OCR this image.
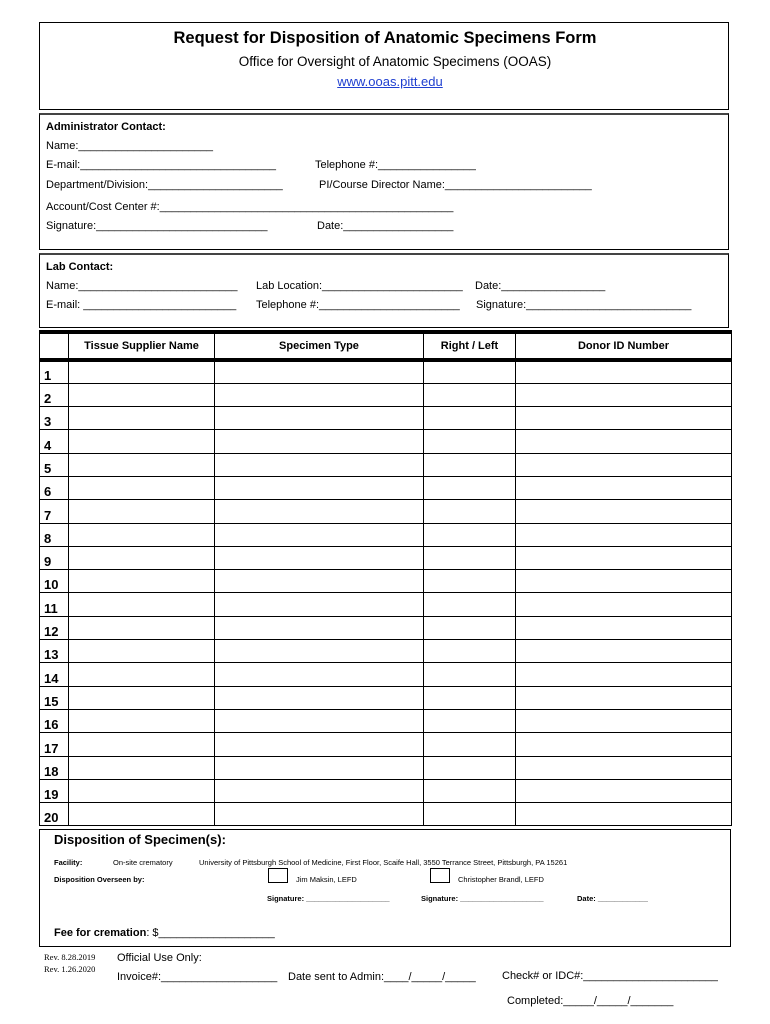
Request for Disposition of Anatomic Specimens Form
Office for Oversight of Anatomic Specimens (OOAS)
www.ooas.pitt.edu
Administrator Contact:
Name:______________________
E-mail:________________________________	Telephone #:________________
Department/Division:______________________	PI/Course Director Name:________________________
Account/Cost Center #:________________________________________________
Signature:____________________________	Date:__________________
Lab Contact:
Name:__________________________ Lab Location:_______________________ Date:_________________
E-mail: _________________________ Telephone #:_______________________ Signature:___________________________
	Tissue Supplier Name	Specimen Type	Right / Left	Donor ID Number
1				
2				
3				
4				
5				
6				
7				
8				
9				
10				
11				
12				
13				
14				
15				
16				
17				
18				
19				
20				
Disposition of Specimen(s):
Facility:	On-site crematory	University of Pittsburgh School of Medicine, First Floor, Scaife Hall, 3550 Terrance Street, Pittsburgh, PA 15261
Disposition Overseen by:	Jim Maksin, LEFD	Christopher Brandl, LEFD
Signature: ____________________	Signature: ____________________	Date: ____________
Fee for cremation: $___________________
Rev. 8.28.2019
Rev. 1.26.2020
Official Use Only:
Invoice#:___________________ Date sent to Admin:____/_____/_____ Check# or IDC#:______________________
Completed:_____/_____/_______
